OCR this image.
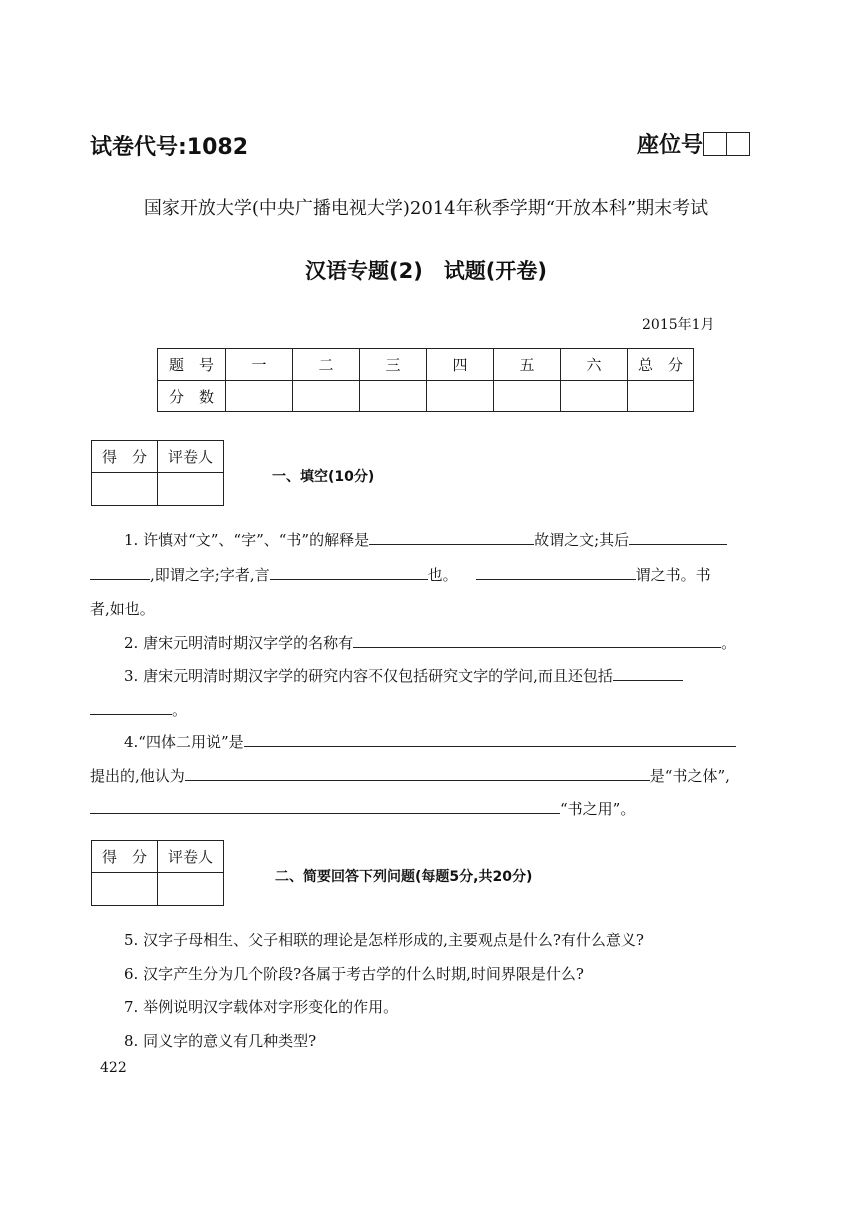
试卷代号:1082	座位号
国家开放大学(中央广播电视大学)2014年秋季学期“开放本科”期末考试
汉语专题(2)　试题(开卷)
2015年1月
题　号	一	二	三	四	五	六	总　分
分　数							
得　分	评卷人

一、填空(10分)
1. 许慎对“文”、“字”、“书”的解释是	故谓之文;其后
,即谓之字;字者,言	也。	谓之书。书
者,如也。
2. 唐宋元明清时期汉字学的名称有	。
3. 唐宋元明清时期汉字学的研究内容不仅包括研究文字的学问,而且还包括
。
4.“四体二用说”是
提出的,他认为	是“书之体”,
“书之用”。
得　分	评卷人

二、简要回答下列问题(每题5分,共20分)
5. 汉字子母相生、父子相联的理论是怎样形成的,主要观点是什么?有什么意义?
6. 汉字产生分为几个阶段?各属于考古学的什么时期,时间界限是什么?
7. 举例说明汉字载体对字形变化的作用。
8. 同义字的意义有几种类型?
422
